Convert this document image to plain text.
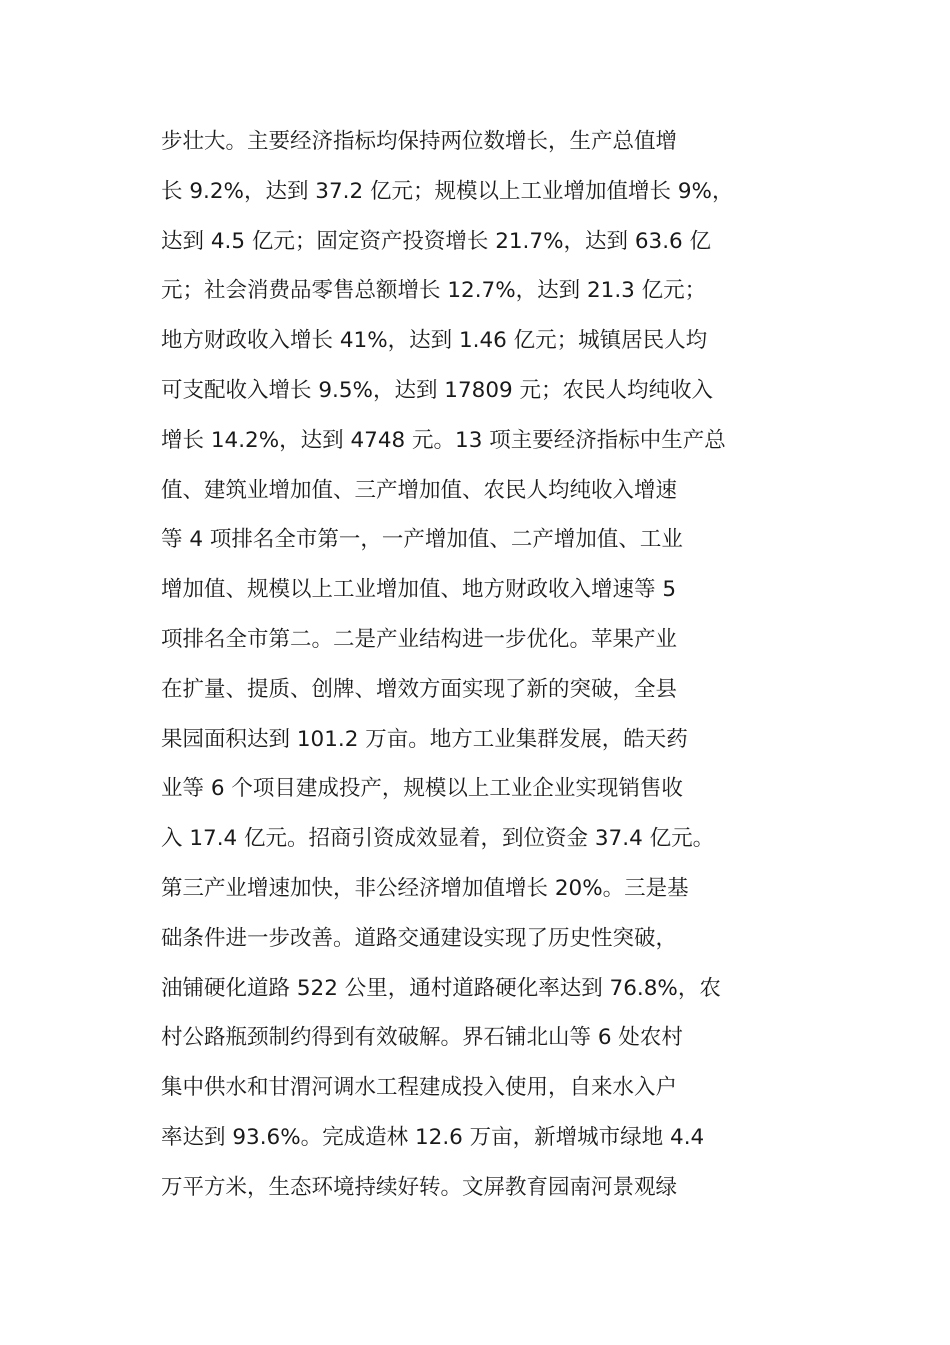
步壮大。主要经济指标均保持两位数增长，生产总值增
长 9.2%，达到 37.2 亿元；规模以上工业增加值增长 9%，
达到 4.5 亿元；固定资产投资增长 21.7%，达到 63.6 亿
元；社会消费品零售总额增长 12.7%，达到 21.3 亿元；
地方财政收入增长 41%，达到 1.46 亿元；城镇居民人均
可支配收入增长 9.5%，达到 17809 元；农民人均纯收入
增长 14.2%，达到 4748 元。13 项主要经济指标中生产总
值、建筑业增加值、三产增加值、农民人均纯收入增速
等 4 项排名全市第一，一产增加值、二产增加值、工业
增加值、规模以上工业增加值、地方财政收入增速等 5
项排名全市第二。二是产业结构进一步优化。苹果产业
在扩量、提质、创牌、增效方面实现了新的突破，全县
果园面积达到 101.2 万亩。地方工业集群发展，皓天药
业等 6 个项目建成投产，规模以上工业企业实现销售收
入 17.4 亿元。招商引资成效显着，到位资金 37.4 亿元。
第三产业增速加快，非公经济增加值增长 20%。三是基
础条件进一步改善。道路交通建设实现了历史性突破，
油铺硬化道路 522 公里，通村道路硬化率达到 76.8%，农
村公路瓶颈制约得到有效破解。界石铺北山等 6 处农村
集中供水和甘渭河调水工程建成投入使用，自来水入户
率达到 93.6%。完成造林 12.6 万亩，新增城市绿地 4.4
万平方米，生态环境持续好转。文屏教育园南河景观绿
